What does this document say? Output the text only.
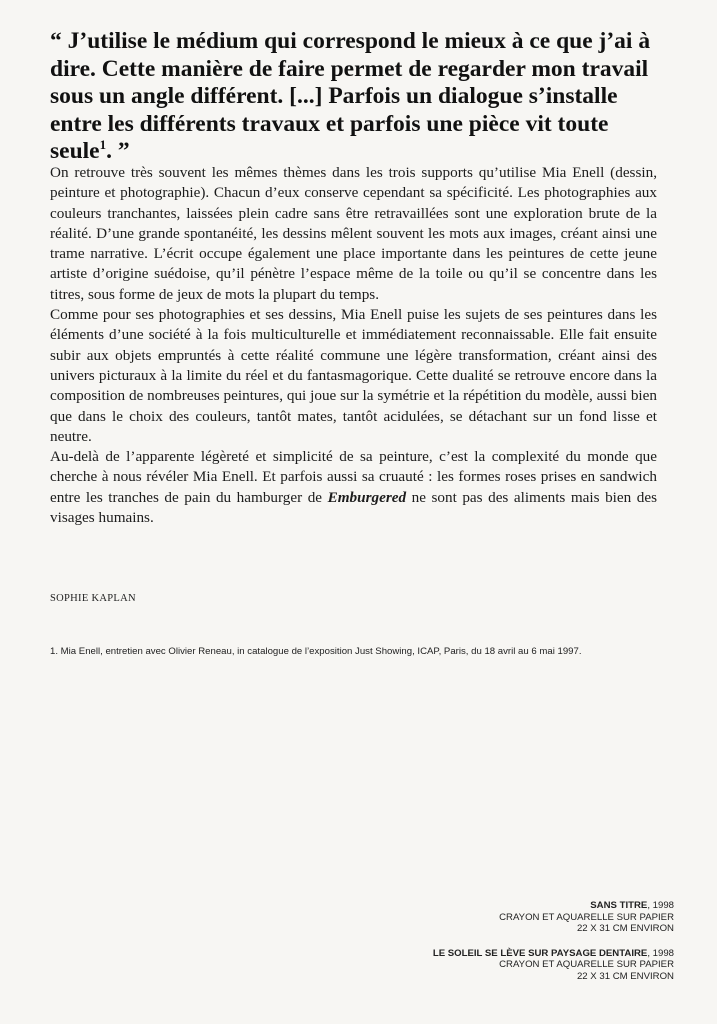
“ J’utilise le médium qui correspond le mieux à ce que j’ai à dire. Cette manière de faire permet de regarder mon travail sous un angle différent. [...] Parfois un dialogue s’installe entre les différents travaux et parfois une pièce vit toute seule$^1$. ”

On retrouve très souvent les mêmes thèmes dans les trois supports qu’utilise Mia Enell (dessin, peinture et photographie). Chacun d’eux conserve cependant sa spécificité. Les photographies aux couleurs tranchantes, laissées plein cadre sans être retravaillées sont une exploration brute de la réalité. D’une grande spontanéité, les dessins mêlent souvent les mots aux images, créant ainsi une trame narrative. L’écrit occupe également une place importante dans les peintures de cette jeune artiste d’origine suédoise, qu’il pénètre l’espace même de la toile ou qu’il se concentre dans les titres, sous forme de jeux de mots la plupart du temps.

Comme pour ses photographies et ses dessins, Mia Enell puise les sujets de ses peintures dans les éléments d’une société à la fois multiculturelle et immédiatement reconnaissable. Elle fait ensuite subir aux objets empruntés à cette réalité commune une légère transformation, créant ainsi des univers picturaux à la limite du réel et du fantasmagorique. Cette dualité se retrouve encore dans la composition de nombreuses peintures, qui joue sur la symétrie et la répétition du modèle, aussi bien que dans le choix des couleurs, tantôt mates, tantôt acidulées, se détachant sur un fond lisse et neutre.

Au-delà de l’apparente légèreté et simplicité de sa peinture, c’est la complexité du monde que cherche à nous révéler Mia Enell. Et parfois aussi sa cruauté : les formes roses prises en sandwich entre les tranches de pain du hamburger de Emburgered ne sont pas des aliments mais bien des visages humains.

SOPHIE KAPLAN
1. Mia Enell, entretien avec Olivier Reneau, in catalogue de l’exposition Just Showing, ICAP, Paris, du 18 avril au 6 mai 1997.
SANS TITRE, 1998
CRAYON ET AQUARELLE SUR PAPIER
22 X 31 CM ENVIRON
LE SOLEIL SE LÈVE SUR PAYSAGE DENTAIRE, 1998
CRAYON ET AQUARELLE SUR PAPIER
22 X 31 CM ENVIRON
